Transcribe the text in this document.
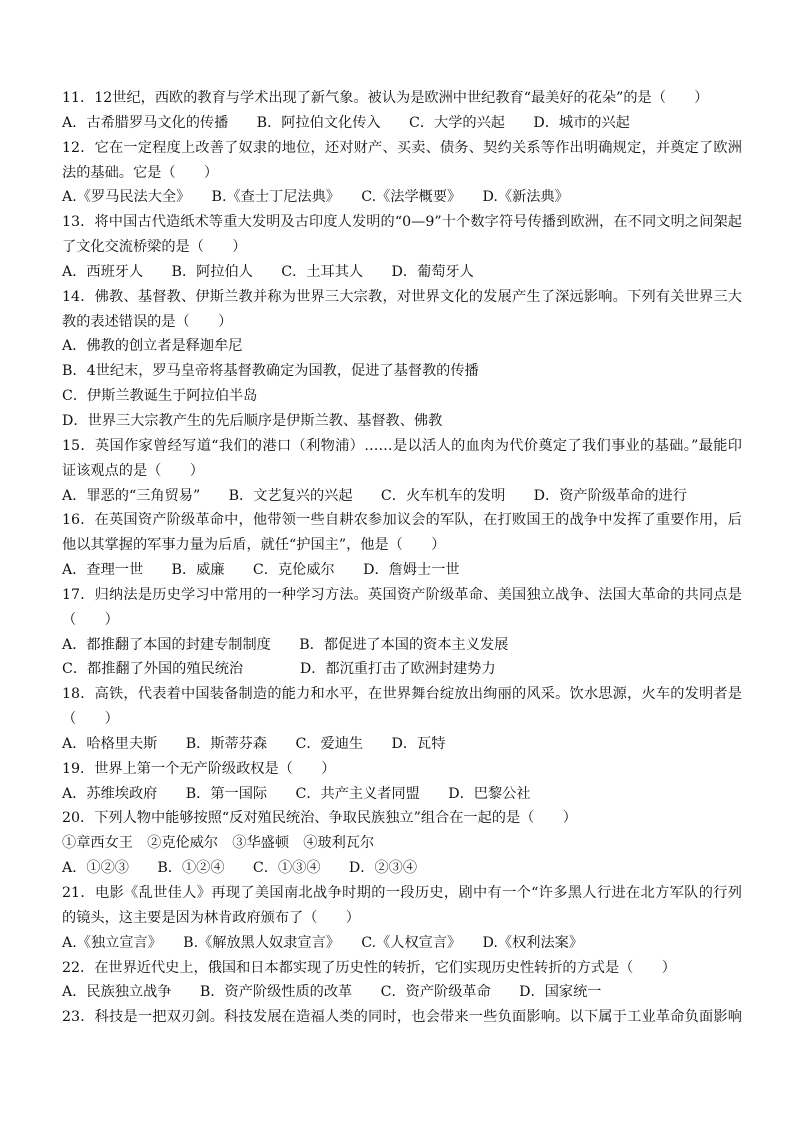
11．12世纪，西欧的教育与学术出现了新气象。被认为是欧洲中世纪教育“最美好的花朵”的是（　　）
A．古希腊罗马文化的传播　　B．阿拉伯文化传入　　C．大学的兴起　　D．城市的兴起
12．它在一定程度上改善了奴隶的地位，还对财产、买卖、债务、契约关系等作出明确规定，并奠定了欧洲
法的基础。它是（　　）
A.《罗马民法大全》　　B.《查士丁尼法典》　　C.《法学概要》　　D.《新法典》
13．将中国古代造纸术等重大发明及古印度人发明的“0—9”十个数字符号传播到欧洲，在不同文明之间架起
了文化交流桥梁的是（　　）
A．西班牙人　　B．阿拉伯人　　C．土耳其人　　D．葡萄牙人
14．佛教、基督教、伊斯兰教并称为世界三大宗教，对世界文化的发展产生了深远影响。下列有关世界三大
教的表述错误的是（　　）
A．佛教的创立者是释迦牟尼
B．4世纪末，罗马皇帝将基督教确定为国教，促进了基督教的传播
C．伊斯兰教诞生于阿拉伯半岛
D．世界三大宗教产生的先后顺序是伊斯兰教、基督教、佛教
15．英国作家曾经写道“我们的港口（利物浦）……是以活人的血肉为代价奠定了我们事业的基础。”最能印
证该观点的是（　　）
A．罪恶的“三角贸易”　　B．文艺复兴的兴起　　C．火车机车的发明　　D．资产阶级革命的进行
16．在英国资产阶级革命中，他带领一些自耕农参加议会的军队，在打败国王的战争中发挥了重要作用，后
他以其掌握的军事力量为后盾，就任“护国主”，他是（　　）
A．查理一世　　B．威廉　　C．克伦威尔　　D．詹姆士一世
17．归纳法是历史学习中常用的一种学习方法。英国资产阶级革命、美国独立战争、法国大革命的共同点是
（　　）
A．都推翻了本国的封建专制制度　　B．都促进了本国的资本主义发展
C．都推翻了外国的殖民统治　　　　D．都沉重打击了欧洲封建势力
18．高铁，代表着中国装备制造的能力和水平，在世界舞台绽放出绚丽的风采。饮水思源，火车的发明者是
（　　）
A．哈格里夫斯　　B．斯蒂芬森　　C．爱迪生　　D．瓦特
19．世界上第一个无产阶级政权是（　　）
A．苏维埃政府　　B．第一国际　　C．共产主义者同盟　　D．巴黎公社
20．下列人物中能够按照“反对殖民统治、争取民族独立”组合在一起的是（　　）
①章西女王　②克伦威尔　③华盛顿　④玻利瓦尔
A．①②③　　B．①②④　　C．①③④　　D．②③④
21．电影《乱世佳人》再现了美国南北战争时期的一段历史，剧中有一个“许多黑人行进在北方军队的行列
的镜头，这主要是因为林肯政府颁布了（　　）
A.《独立宣言》　　B.《解放黑人奴隶宣言》　　C.《人权宣言》　　D.《权利法案》
22．在世界近代史上，俄国和日本都实现了历史性的转折，它们实现历史性转折的方式是（　　）
A．民族独立战争　　B．资产阶级性质的改革　　C．资产阶级革命　　D．国家统一
23．科技是一把双刃剑。科技发展在造福人类的同时，也会带来一些负面影响。以下属于工业革命负面影响
